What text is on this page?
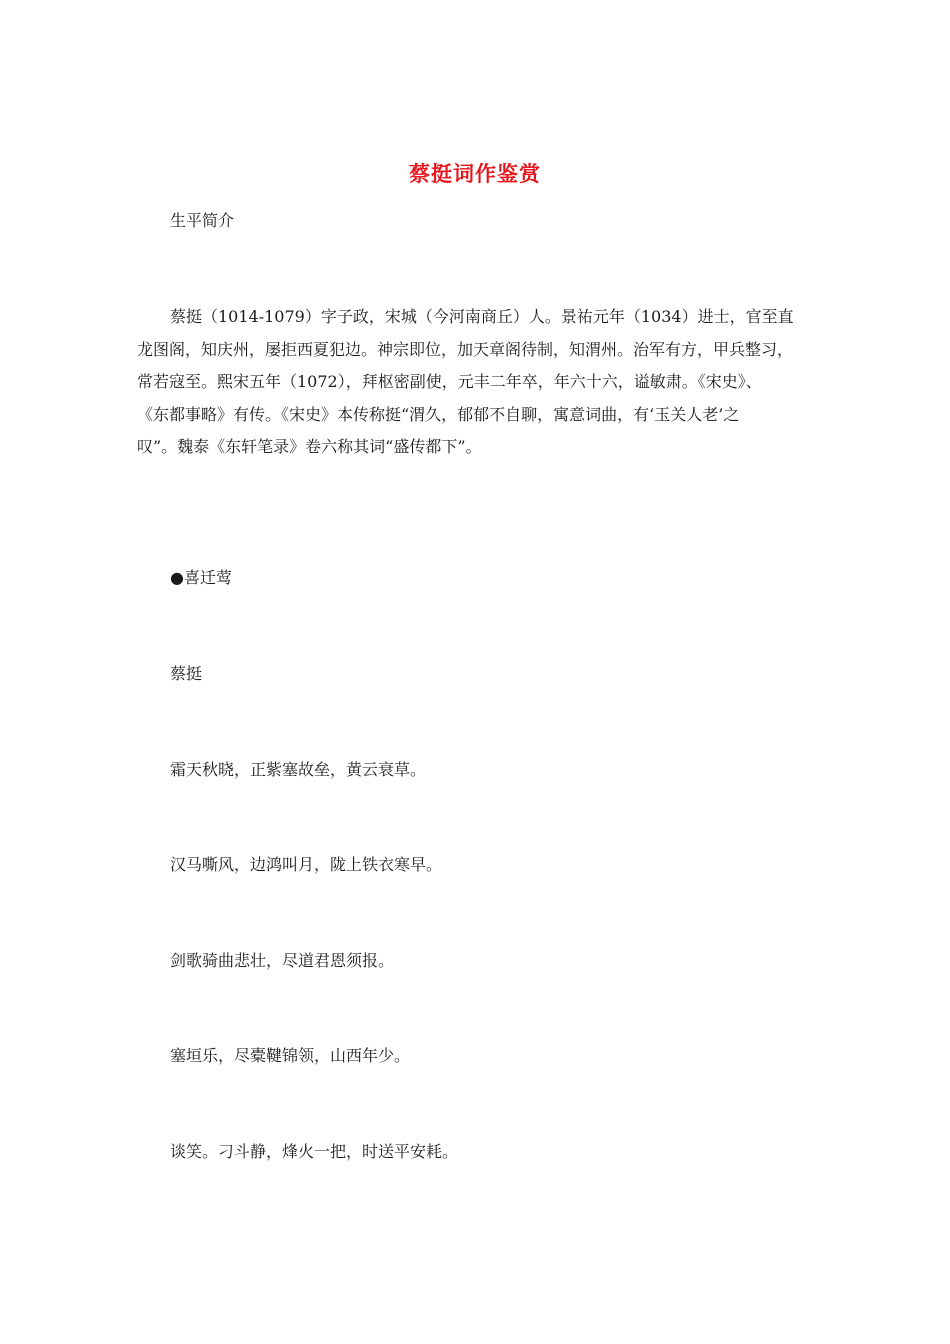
蔡挺词作鉴赏
生平简介
蔡挺（1014-1079）字子政，宋城（今河南商丘）人。景祐元年（1034）进士，官至直
龙图阁，知庆州，屡拒西夏犯边。神宗即位，加天章阁待制，知渭州。治军有方，甲兵整习，
常若寇至。熙宋五年（1072），拜枢密副使，元丰二年卒，年六十六，谥敏肃。《宋史》、
《东都事略》有传。《宋史》本传称挺“渭久，郁郁不自聊，寓意词曲，有‘玉关人老’之
叹”。魏泰《东轩笔录》卷六称其词“盛传都下”。
●喜迁莺
蔡挺
霜天秋晓，正紫塞故垒，黄云衰草。
汉马嘶风，边鸿叫月，陇上铁衣寒早。
剑歌骑曲悲壮，尽道君恩须报。
塞垣乐，尽橐鞬锦领，山西年少。
谈笑。刁斗静，烽火一把，时送平安耗。
